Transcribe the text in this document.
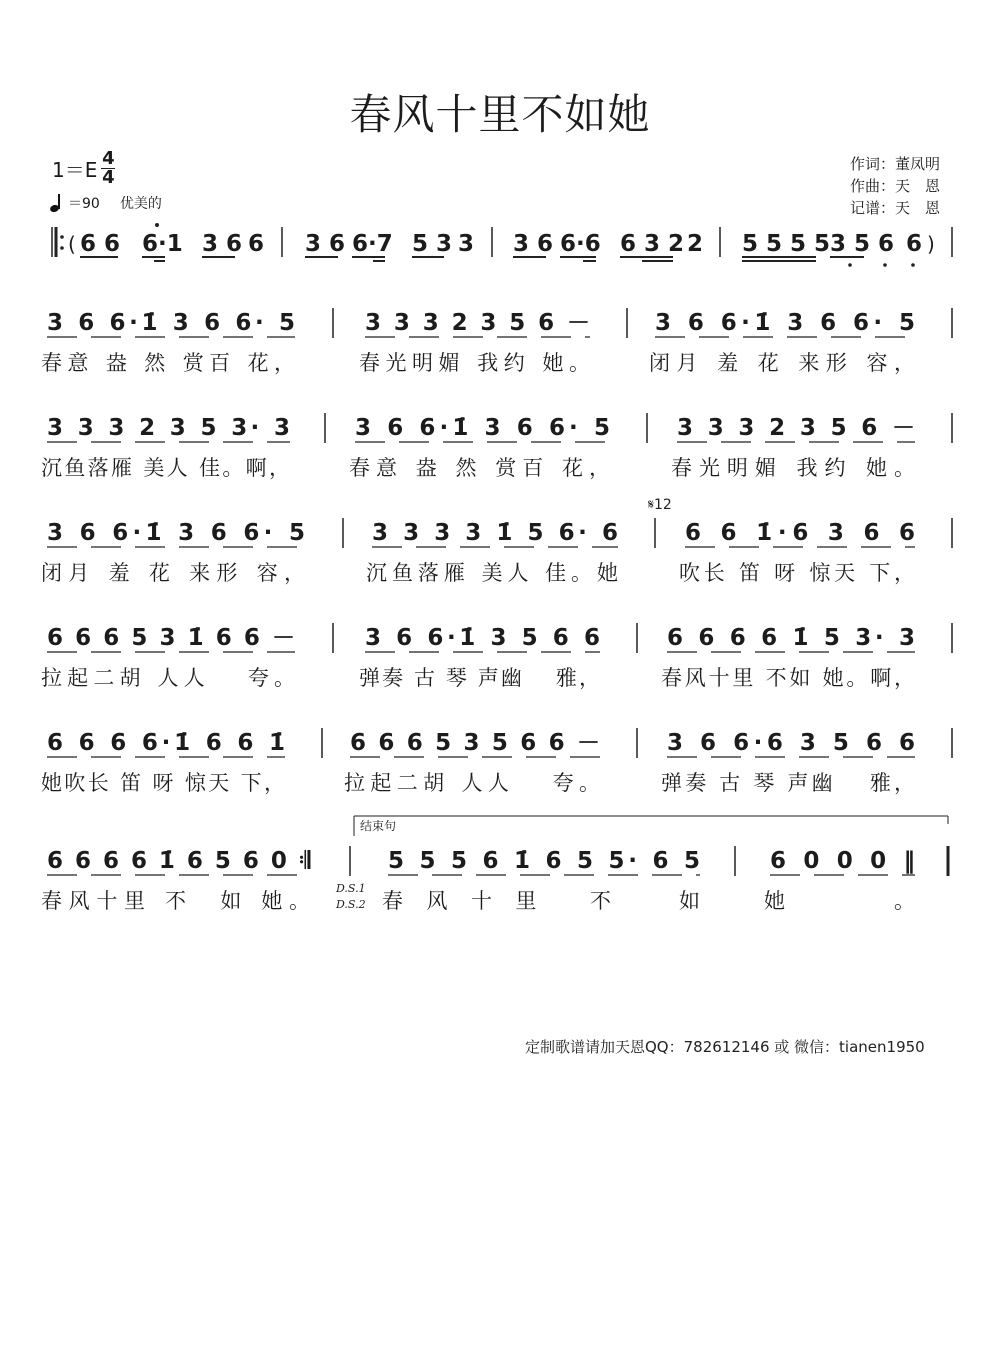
春风十里不如她
$1=E \frac{4}{4}$
＝90 优美的
作词：董凤明
作曲：天　恩
记谱：天　恩
( 6 6 6·1 3 6 6 3 6 6·7 5 3 3 3 6 6·6 6 3 2 2 5 5 5 5 3 5 6 6 )
3 6 6·1̇ 3 6 6· 5
春意 盎 然 赏百 花，
3 3 3 2 3 5 6 －
春光明媚 我约 她。
3 6 6·1̇ 3 6 6· 5
闭月 羞 花 来形 容，
3 3 3 2 3 5 3· 3
沉鱼落雁 美人 佳。啊，
3 6 6·1̇ 3 6 6· 5
春意 盎 然 赏百 花，
3 3 3 2 3 5 6 －
春光明媚 我约 她。
3 6 6·1̇ 3 6 6· 5
闭月 羞 花 来形 容，
3 3 3 3 1̇ 5 6· 6
沉鱼落雁 美人 佳。她
6 6 1̇·6 3 6 6
吹长 笛 呀 惊天 下，
6 6 6 5 3 1̇ 6 6 －
拉起二胡 人人　 夸。
3 6 6·1̇ 3 5 6 6
弹奏 古 琴 声幽　 雅，
6 6 6 6 1̇ 5 3· 3
春风十里 不如 她。啊，
6 6 6 6·1̇ 6 6 1̇
她吹长 笛 呀 惊天 下，
6 6 6 5 3 5 6 6 －
拉起二胡 人人　 夸。
3 6 6·6 3 5 6 6
弹奏 古 琴 声幽　 雅，
6 6 6 6 1̇ 6 5 6 0 𝄇
春风十里 不　如 她。
5 5 5 6 1̇ 6 5 5· 6 5
春风十里 不　如
6 0 0 0 ‖
她。
𝄋12
结束句
D.S.1
D.S.2
定制歌谱请加天恩QQ：782612146 或 微信：tianen1950
